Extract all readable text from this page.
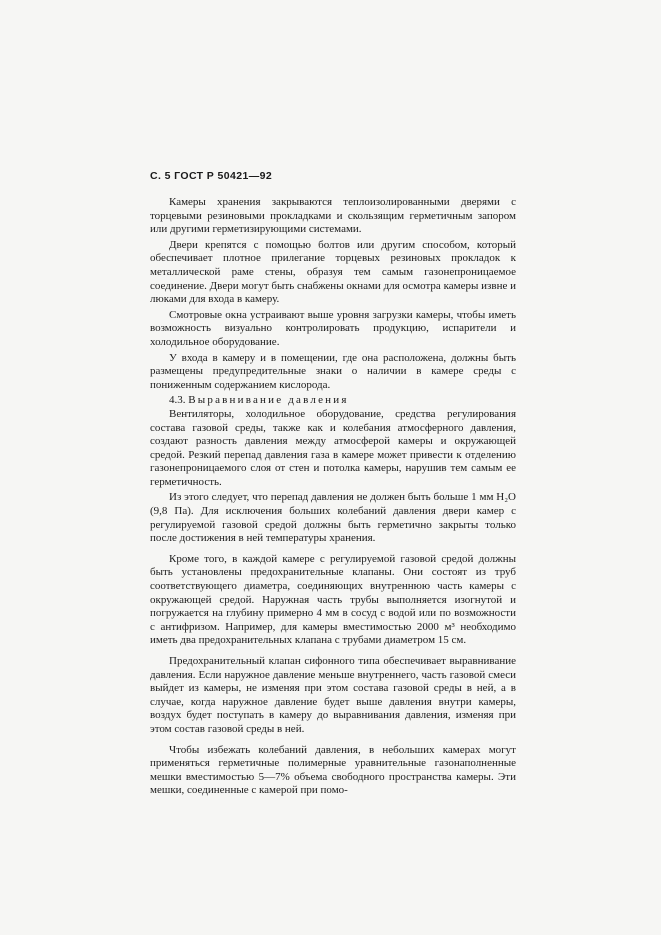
С. 5 ГОСТ Р 50421—92

Камеры хранения закрываются теплоизолированными дверями с торцевыми резиновыми прокладками и скользящим герметичным запором или другими герметизирующими системами.

Двери крепятся с помощью болтов или другим способом, который обеспечивает плотное прилегание торцевых резиновых прокладок к металлической раме стены, образуя тем самым газонепроницаемое соединение. Двери могут быть снабжены окнами для осмотра камеры извне и люками для входа в камеру.

Смотровые окна устраивают выше уровня загрузки камеры, чтобы иметь возможность визуально контролировать продукцию, испарители и холодильное оборудование.

У входа в камеру и в помещении, где она расположена, должны быть размещены предупредительные знаки о наличии в камере среды с пониженным содержанием кислорода.

4.3. Выравнивание давления

Вентиляторы, холодильное оборудование, средства регулирования состава газовой среды, также как и колебания атмосферного давления, создают разность давления между атмосферой камеры и окружающей средой. Резкий перепад давления газа в камере может привести к отделению газонепроницаемого слоя от стен и потолка камеры, нарушив тем самым ее герметичность.

Из этого следует, что перепад давления не должен быть больше 1 мм H₂O (9,8 Па). Для исключения больших колебаний давления двери камер с регулируемой газовой средой должны быть герметично закрыты только после достижения в ней температуры хранения.

Кроме того, в каждой камере с регулируемой газовой средой должны быть установлены предохранительные клапаны. Они состоят из труб соответствующего диаметра, соединяющих внутреннюю часть камеры с окружающей средой. Наружная часть трубы выполняется изогнутой и погружается на глубину примерно 4 мм в сосуд с водой или по возможности с антифризом. Например, для камеры вместимостью 2000 м³ необходимо иметь два предохранительных клапана с трубами диаметром 15 см.

Предохранительный клапан сифонного типа обеспечивает выравнивание давления. Если наружное давление меньше внутреннего, часть газовой смеси выйдет из камеры, не изменяя при этом состава газовой среды в ней, а в случае, когда наружное давление будет выше давления внутри камеры, воздух будет поступать в камеру до выравнивания давления, изменяя при этом состав газовой среды в ней.

Чтобы избежать колебаний давления, в небольших камерах могут применяться герметичные полимерные уравнительные газонаполненные мешки вместимостью 5—7% объема свободного пространства камеры. Эти мешки, соединенные с камерой при помо-
